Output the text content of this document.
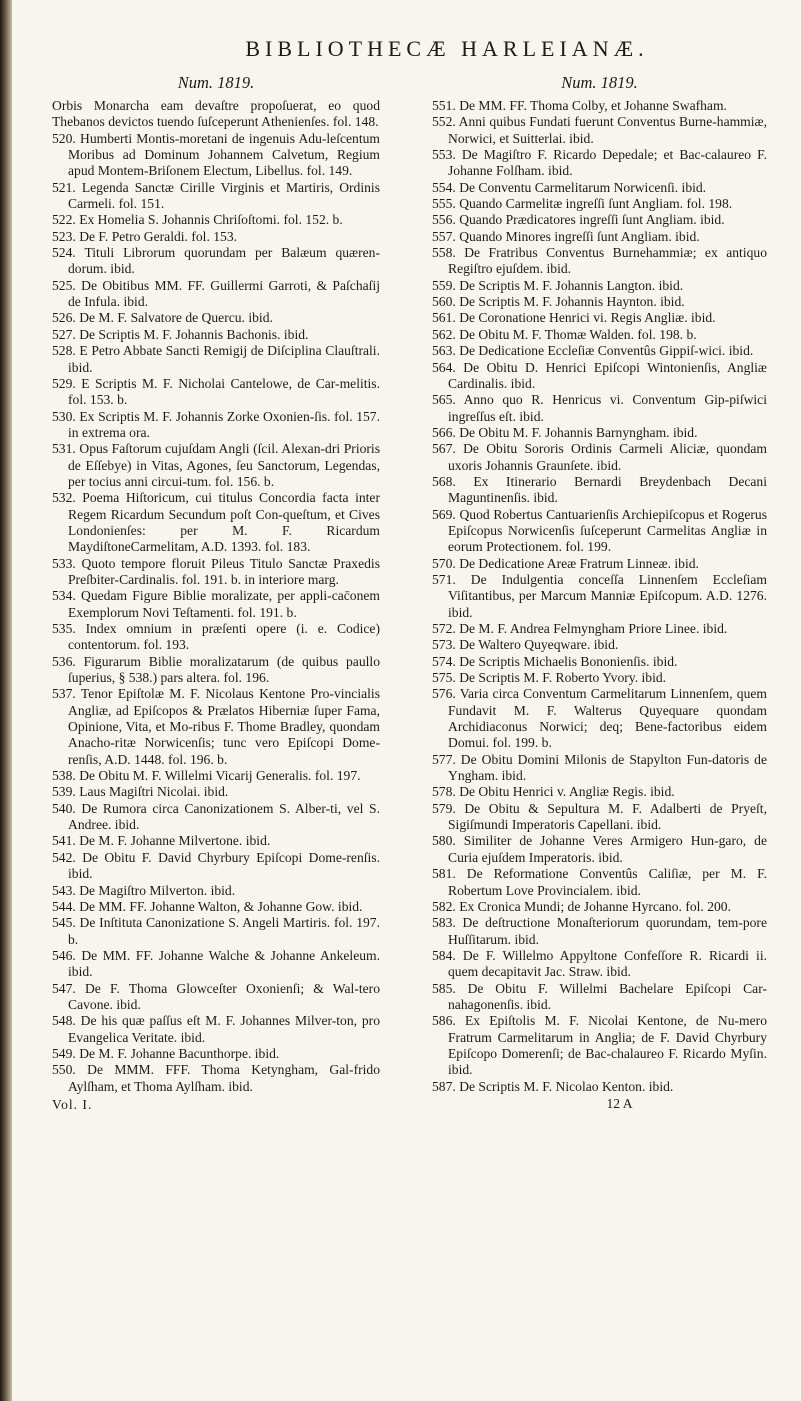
BIBLIOTHECÆ HARLEIANÆ.
Num. 1819.

Orbis Monarcha eam devaſtre propoſuerat, eo quod Thebanos devictos tuendo ſuſceperunt Athenienſes. fol. 148.

520. Humberti Montis-moretani de ingenuis Adu-leſcentum Moribus ad Dominum Johannem Calvetum, Regium apud Montem-Briſonem Electum, Libellus. fol. 149.

521. Legenda Sanctæ Cirille Virginis et Martiris, Ordinis Carmeli. fol. 151.

522. Ex Homelia S. Johannis Chriſoſtomi. fol. 152. b.

523. De F. Petro Geraldi. fol. 153.

524. Tituli Librorum quorundam per Balæum quæren-dorum. ibid.

525. De Obitibus MM. FF. Guillermi Garroti, & Paſchaſij de Infula. ibid.

526. De M. F. Salvatore de Quercu. ibid.

527. De Scriptis M. F. Johannis Bachonis. ibid.

528. E Petro Abbate Sancti Remigij de Diſciplina Clauſtrali. ibid.

529. E Scriptis M. F. Nicholai Cantelowe, de Car-melitis. fol. 153. b.

530. Ex Scriptis M. F. Johannis Zorke Oxonien-ſis. fol. 157. in extrema ora.

531. Opus Faſtorum cujuſdam Angli (ſcil. Alexan-dri Prioris de Eſſebye) in Vitas, Agones, ſeu Sanctorum, Legendas, per tocius anni circui-tum. fol. 156. b.

532. Poema Hiſtoricum, cui titulus Concordia facta inter Regem Ricardum Secundum poſt Con-queſtum, et Cives Londonienſes: per M. F. Ricardum MaydiſtoneCarmelitam, A.D. 1393. fol. 183.

533. Quoto tempore floruit Pileus Titulo Sanctæ Praxedis Preſbiter-Cardinalis. fol. 191. b. in interiore marg.

534. Quedam Figure Biblie moralizate, per appli-cac̄onem Exemplorum Novi Teſtamenti. fol. 191. b.

535. Index omnium in præſenti opere (i. e. Codice) contentorum. fol. 193.

536. Figurarum Biblie moralizatarum (de quibus paullo ſuperius, § 538.) pars altera. fol. 196.

537. Tenor Epiſtolæ M. F. Nicolaus Kentone Pro-vincialis Angliæ, ad Epiſcopos & Prælatos Hiberniæ ſuper Fama, Opinione, Vita, et Mo-ribus F. Thome Bradley, quondam Anacho-ritæ Norwicenſis; tunc vero Epiſcopi Dome-renſis, A.D. 1448. fol. 196. b.

538. De Obitu M. F. Willelmi Vicarij Generalis. fol. 197.

539. Laus Magiſtri Nicolai. ibid.

540. De Rumora circa Canonizationem S. Alber-ti, vel S. Andree. ibid.

541. De M. F. Johanne Milvertone. ibid.

542. De Obitu F. David Chyrbury Epiſcopi Dome-renſis. ibid.

543. De Magiſtro Milverton. ibid.

544. De MM. FF. Johanne Walton, & Johanne Gow. ibid.

545. De Inſtituta Canonizatione S. Angeli Martiris. fol. 197. b.

546. De MM. FF. Johanne Walche & Johanne Ankeleum. ibid.

547. De F. Thoma Glowceſter Oxonienſi; & Wal-tero Cavone. ibid.

548. De his quæ paſſus eſt M. F. Johannes Milver-ton, pro Evangelica Veritate. ibid.

549. De M. F. Johanne Bacunthorpe. ibid.

550. De MMM. FFF. Thoma Ketyngham, Gal-frido Aylſham, et Thoma Aylſham. ibid.

Vol. I.
Num. 1819.

551. De MM. FF. Thoma Colby, et Johanne Swafham.

552. Anni quibus Fundati fuerunt Conventus Burne-hammiæ, Norwici, et Suitterlai. ibid.

553. De Magiſtro F. Ricardo Depedale; et Bac-calaureo F. Johanne Folſham. ibid.

554. De Conventu Carmelitarum Norwicenſi. ibid.

555. Quando Carmelitæ ingreſſi ſunt Angliam. fol. 198.

556. Quando Prædicatores ingreſſi ſunt Angliam. ibid.

557. Quando Minores ingreſſi ſunt Angliam. ibid.

558. De Fratribus Conventus Burnehammiæ; ex antiquo Regiſtro ejuſdem. ibid.

559. De Scriptis M. F. Johannis Langton. ibid.

560. De Scriptis M. F. Johannis Haynton. ibid.

561. De Coronatione Henrici vi. Regis Angliæ. ibid.

562. De Obitu M. F. Thomæ Walden. fol. 198. b.

563. De Dedicatione Eccleſiæ Conventûs Gippiſ-wici. ibid.

564. De Obitu D. Henrici Epiſcopi Wintonienſis, Angliæ Cardinalis. ibid.

565. Anno quo R. Henricus vi. Conventum Gip-piſwici ingreſſus eſt. ibid.

566. De Obitu M. F. Johannis Barnyngham. ibid.

567. De Obitu Sororis Ordinis Carmeli Aliciæ, quondam uxoris Johannis Graunſete. ibid.

568. Ex Itinerario Bernardi Breydenbach Decani Maguntinenſis. ibid.

569. Quod Robertus Cantuarienſis Archiepiſcopus et Rogerus Epiſcopus Norwicenſis ſuſceperunt Carmelitas Angliæ in eorum Protectionem. fol. 199.

570. De Dedicatione Areæ Fratrum Linneæ. ibid.

571. De Indulgentia conceſſa Linnenſem Eccleſiam Viſitantibus, per Marcum Manniæ Epiſcopum. A.D. 1276. ibid.

572. De M. F. Andrea Felmyngham Priore Linee. ibid.

573. De Waltero Quyeqware. ibid.

574. De Scriptis Michaelis Bononienſis. ibid.

575. De Scriptis M. F. Roberto Yvory. ibid.

576. Varia circa Conventum Carmelitarum Linnenſem, quem Fundavit M. F. Walterus Quyequare quondam Archidiaconus Norwici; deq; Bene-factoribus eidem Domui. fol. 199. b.

577. De Obitu Domini Milonis de Stapylton Fun-datoris de Yngham. ibid.

578. De Obitu Henrici v. Angliæ Regis. ibid.

579. De Obitu & Sepultura M. F. Adalberti de Pryeſt, Sigiſmundi Imperatoris Capellani. ibid.

580. Similiter de Johanne Veres Armigero Hun-garo, de Curia ejuſdem Imperatoris. ibid.

581. De Reformatione Conventûs Caliſiæ, per M. F. Robertum Love Provincialem. ibid.

582. Ex Cronica Mundi; de Johanne Hyrcano. fol. 200.

583. De deſtructione Monaſteriorum quorundam, tem-pore Huſſitarum. ibid.

584. De F. Willelmo Appyltone Confeſſore R. Ricardi ii. quem decapitavit Jac. Straw. ibid.

585. De Obitu F. Willelmi Bachelare Epiſcopi Car-nahagonenſis. ibid.

586. Ex Epiſtolis M. F. Nicolai Kentone, de Nu-mero Fratrum Carmelitarum in Anglia; de F. David Chyrbury Epiſcopo Domerenſi; de Bac-chalaureo F. Ricardo Myſin. ibid.

587. De Scriptis M. F. Nicolao Kenton. ibid.

12 A
